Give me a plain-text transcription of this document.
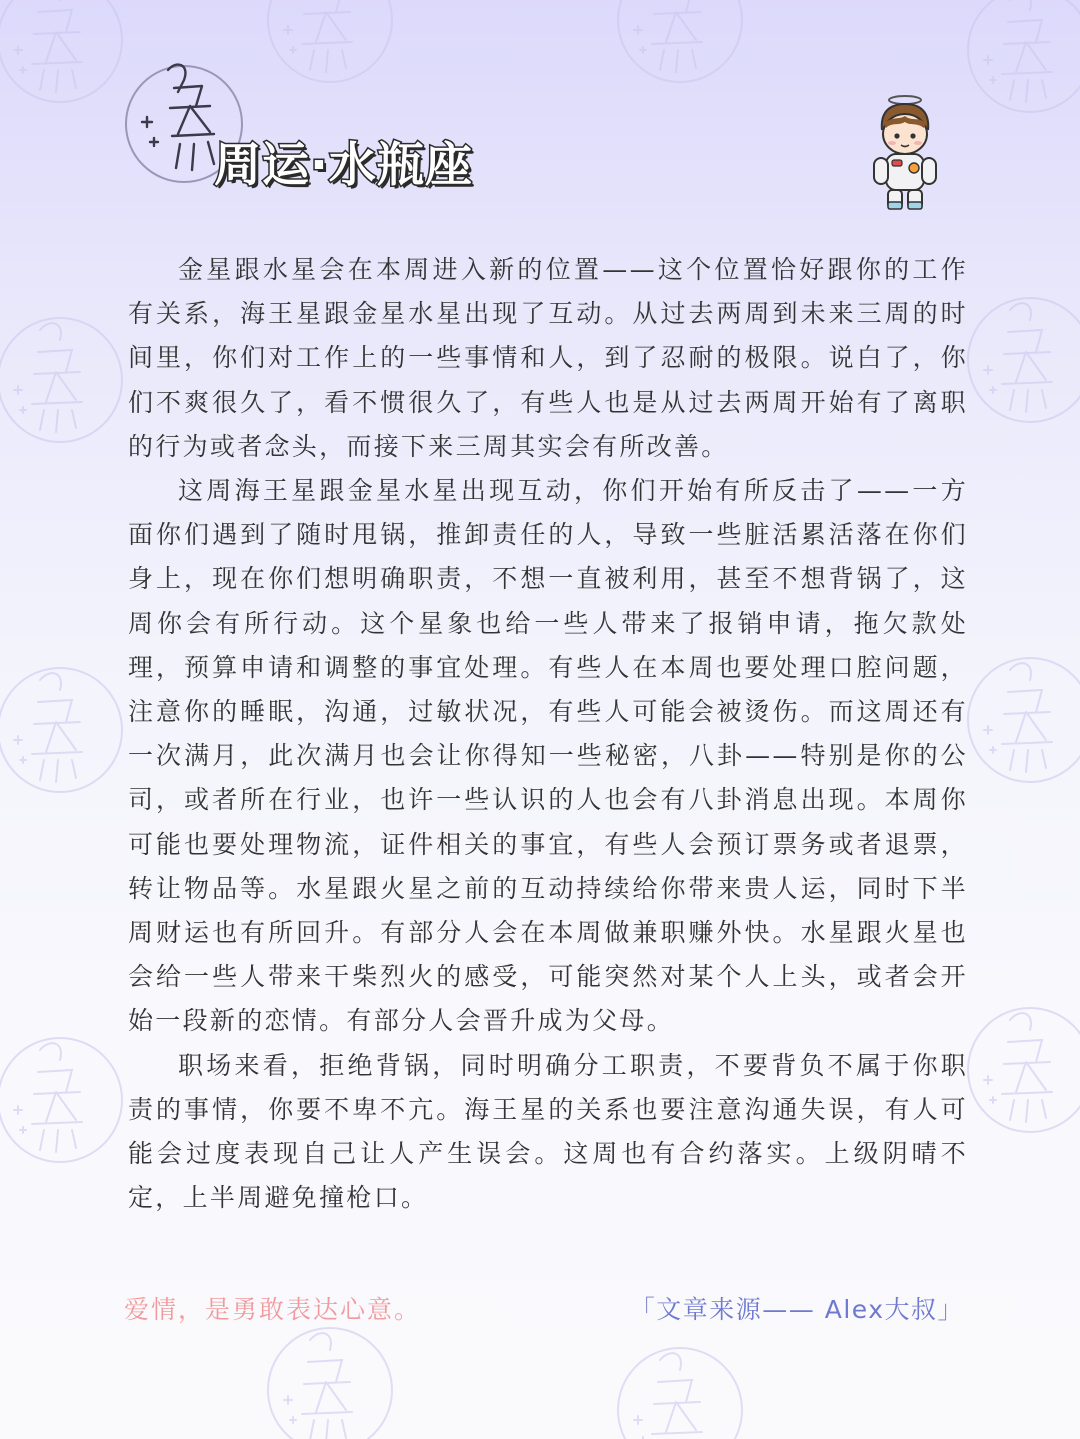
周运·水瓶座

金星跟水星会在本周进入新的位置——这个位置恰好跟你的工作有关系，海王星跟金星水星出现了互动。从过去两周到未来三周的时间里，你们对工作上的一些事情和人，到了忍耐的极限。说白了，你们不爽很久了，看不惯很久了，有些人也是从过去两周开始有了离职的行为或者念头，而接下来三周其实会有所改善。

这周海王星跟金星水星出现互动，你们开始有所反击了——一方面你们遇到了随时甩锅，推卸责任的人，导致一些脏活累活落在你们身上，现在你们想明确职责，不想一直被利用，甚至不想背锅了，这周你会有所行动。这个星象也给一些人带来了报销申请，拖欠款处理，预算申请和调整的事宜处理。有些人在本周也要处理口腔问题，注意你的睡眠，沟通，过敏状况，有些人可能会被烫伤。而这周还有一次满月，此次满月也会让你得知一些秘密，八卦——特别是你的公司，或者所在行业，也许一些认识的人也会有八卦消息出现。本周你可能也要处理物流，证件相关的事宜，有些人会预订票务或者退票，转让物品等。水星跟火星之前的互动持续给你带来贵人运，同时下半周财运也有所回升。有部分人会在本周做兼职赚外快。水星跟火星也会给一些人带来干柴烈火的感受，可能突然对某个人上头，或者会开始一段新的恋情。有部分人会晋升成为父母。

职场来看，拒绝背锅，同时明确分工职责，不要背负不属于你职责的事情，你要不卑不亢。海王星的关系也要注意沟通失误，有人可能会过度表现自己让人产生误会。这周也有合约落实。上级阴晴不定，上半周避免撞枪口。

爱情，是勇敢表达心意。	「文章来源—— Alex大叔」
